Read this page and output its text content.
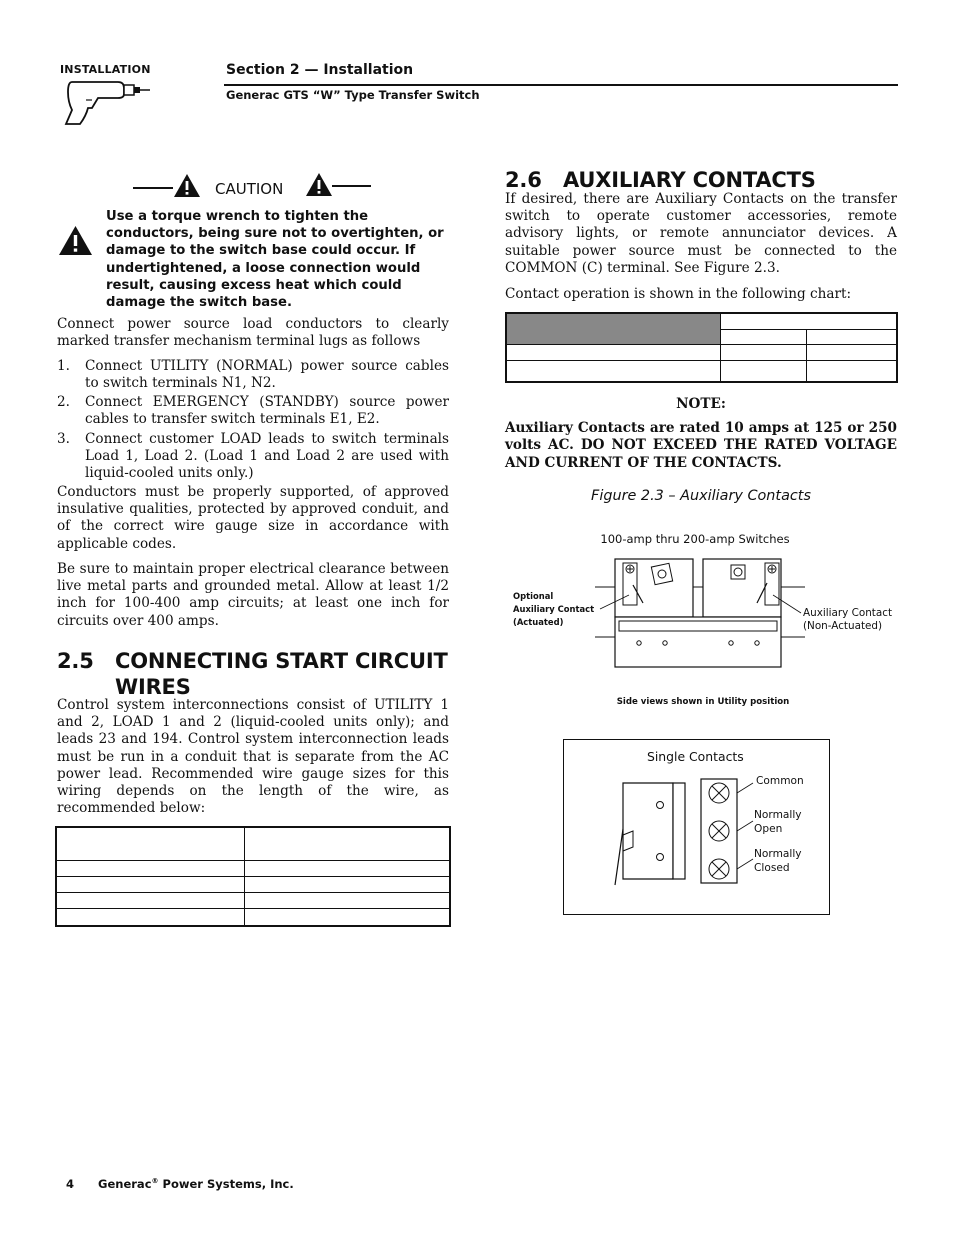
INSTALLATION	Section 2 — Installation
Generac GTS “W” Type Transfer Switch
CAUTION
Use a torque wrench to tighten the conductors, being sure not to overtighten, or damage to the switch base could occur. If undertightened, a loose connection would result, causing excess heat which could damage the switch base.
Connect power source load conductors to clearly marked transfer mechanism terminal lugs as follows
1. Connect UTILITY (NORMAL) power source cables to switch terminals N1, N2.
2. Connect EMERGENCY (STANDBY) source power cables to transfer switch terminals E1, E2.
3. Connect customer LOAD leads to switch terminals Load 1, Load 2. (Load 1 and Load 2 are used with liquid-cooled units only.)
Conductors must be properly supported, of approved insulative qualities, protected by approved conduit, and of the correct wire gauge size in accordance with applicable codes.
Be sure to maintain proper electrical clearance between live metal parts and grounded metal. Allow at least 1/2 inch for 100-400 amp circuits; at least one inch for circuits over 400 amps.
2.5 CONNECTING START CIRCUIT
WIRES
Control system interconnections consist of UTILITY 1 and 2, LOAD 1 and 2 (liquid-cooled units only); and leads 23 and 194. Control system interconnection leads must be run in a conduit that is separate from the AC power lead. Recommended wire gauge sizes for this wiring depends on the length of the wire, as recommended below:

2.6 AUXILIARY CONTACTS
If desired, there are Auxiliary Contacts on the transfer switch to operate customer accessories, remote advisory lights, or remote annunciator devices. A suitable power source must be connected to the COMMON (C) terminal. See Figure 2.3.
Contact operation is shown in the following chart:

NOTE:
Auxiliary Contacts are rated 10 amps at 125 or 250 volts AC. DO NOT EXCEED THE RATED VOLTAGE AND CURRENT OF THE CONTACTS.
Figure 2.3 – Auxiliary Contacts
100-amp thru 200-amp Switches
Optional
Auxiliary Contact
(Actuated)
Auxiliary Contact
(Non-Actuated)
Side views shown in Utility position
Single Contacts
Common
Normally
Open
Normally
Closed
4 Generac® Power Systems, Inc.
